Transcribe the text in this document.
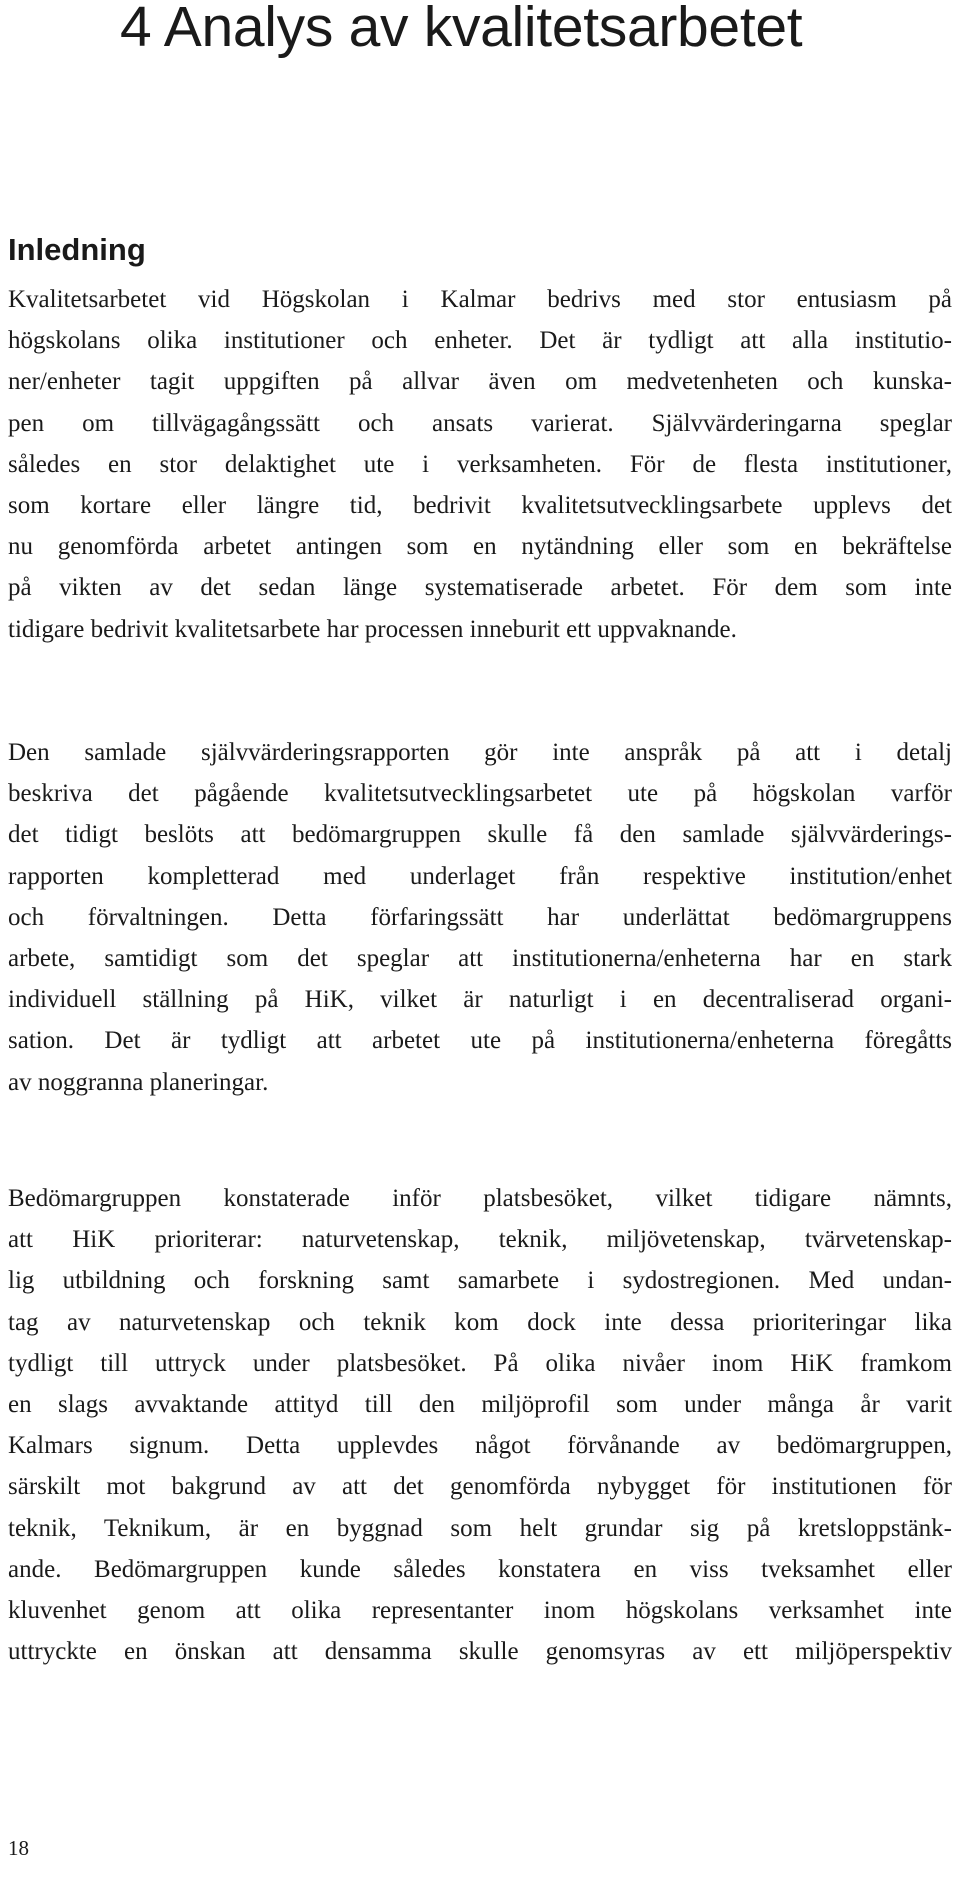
4 Analys av kvalitetsarbetet
Inledning
Kvalitetsarbetet vid Högskolan i Kalmar bedrivs med stor entusiasm på
högskolans olika institutioner och enheter. Det är tydligt att alla institutio-
ner/enheter tagit uppgiften på allvar även om medvetenheten och kunska-
pen om tillvägagångssätt och ansats varierat. Självvärderingarna speglar
således en stor delaktighet ute i verksamheten. För de flesta institutioner,
som kortare eller längre tid, bedrivit kvalitetsutvecklingsarbete upplevs det
nu genomförda arbetet antingen som en nytändning eller som en bekräftelse
på vikten av det sedan länge systematiserade arbetet. För dem som inte
tidigare bedrivit kvalitetsarbete har processen inneburit ett uppvaknande.
Den samlade självvärderingsrapporten gör inte anspråk på att i detalj
beskriva det pågående kvalitetsutvecklingsarbetet ute på högskolan varför
det tidigt beslöts att bedömargruppen skulle få den samlade självvärderings-
rapporten kompletterad med underlaget från respektive institution/enhet
och förvaltningen. Detta förfaringssätt har underlättat bedömargruppens
arbete, samtidigt som det speglar att institutionerna/enheterna har en stark
individuell ställning på HiK, vilket är naturligt i en decentraliserad organi-
sation. Det är tydligt att arbetet ute på institutionerna/enheterna föregåtts
av noggranna planeringar.
Bedömargruppen konstaterade inför platsbesöket, vilket tidigare nämnts,
att HiK prioriterar: naturvetenskap, teknik, miljövetenskap, tvärvetenskap-
lig utbildning och forskning samt samarbete i sydostregionen. Med undan-
tag av naturvetenskap och teknik kom dock inte dessa prioriteringar lika
tydligt till uttryck under platsbesöket. På olika nivåer inom HiK framkom
en slags avvaktande attityd till den miljöprofil som under många år varit
Kalmars signum. Detta upplevdes något förvånande av bedömargruppen,
särskilt mot bakgrund av att det genomförda nybygget för institutionen för
teknik, Teknikum, är en byggnad som helt grundar sig på kretsloppstänk-
ande. Bedömargruppen kunde således konstatera en viss tveksamhet eller
kluvenhet genom att olika representanter inom högskolans verksamhet inte
uttryckte en önskan att densamma skulle genomsyras av ett miljöperspektiv
18
